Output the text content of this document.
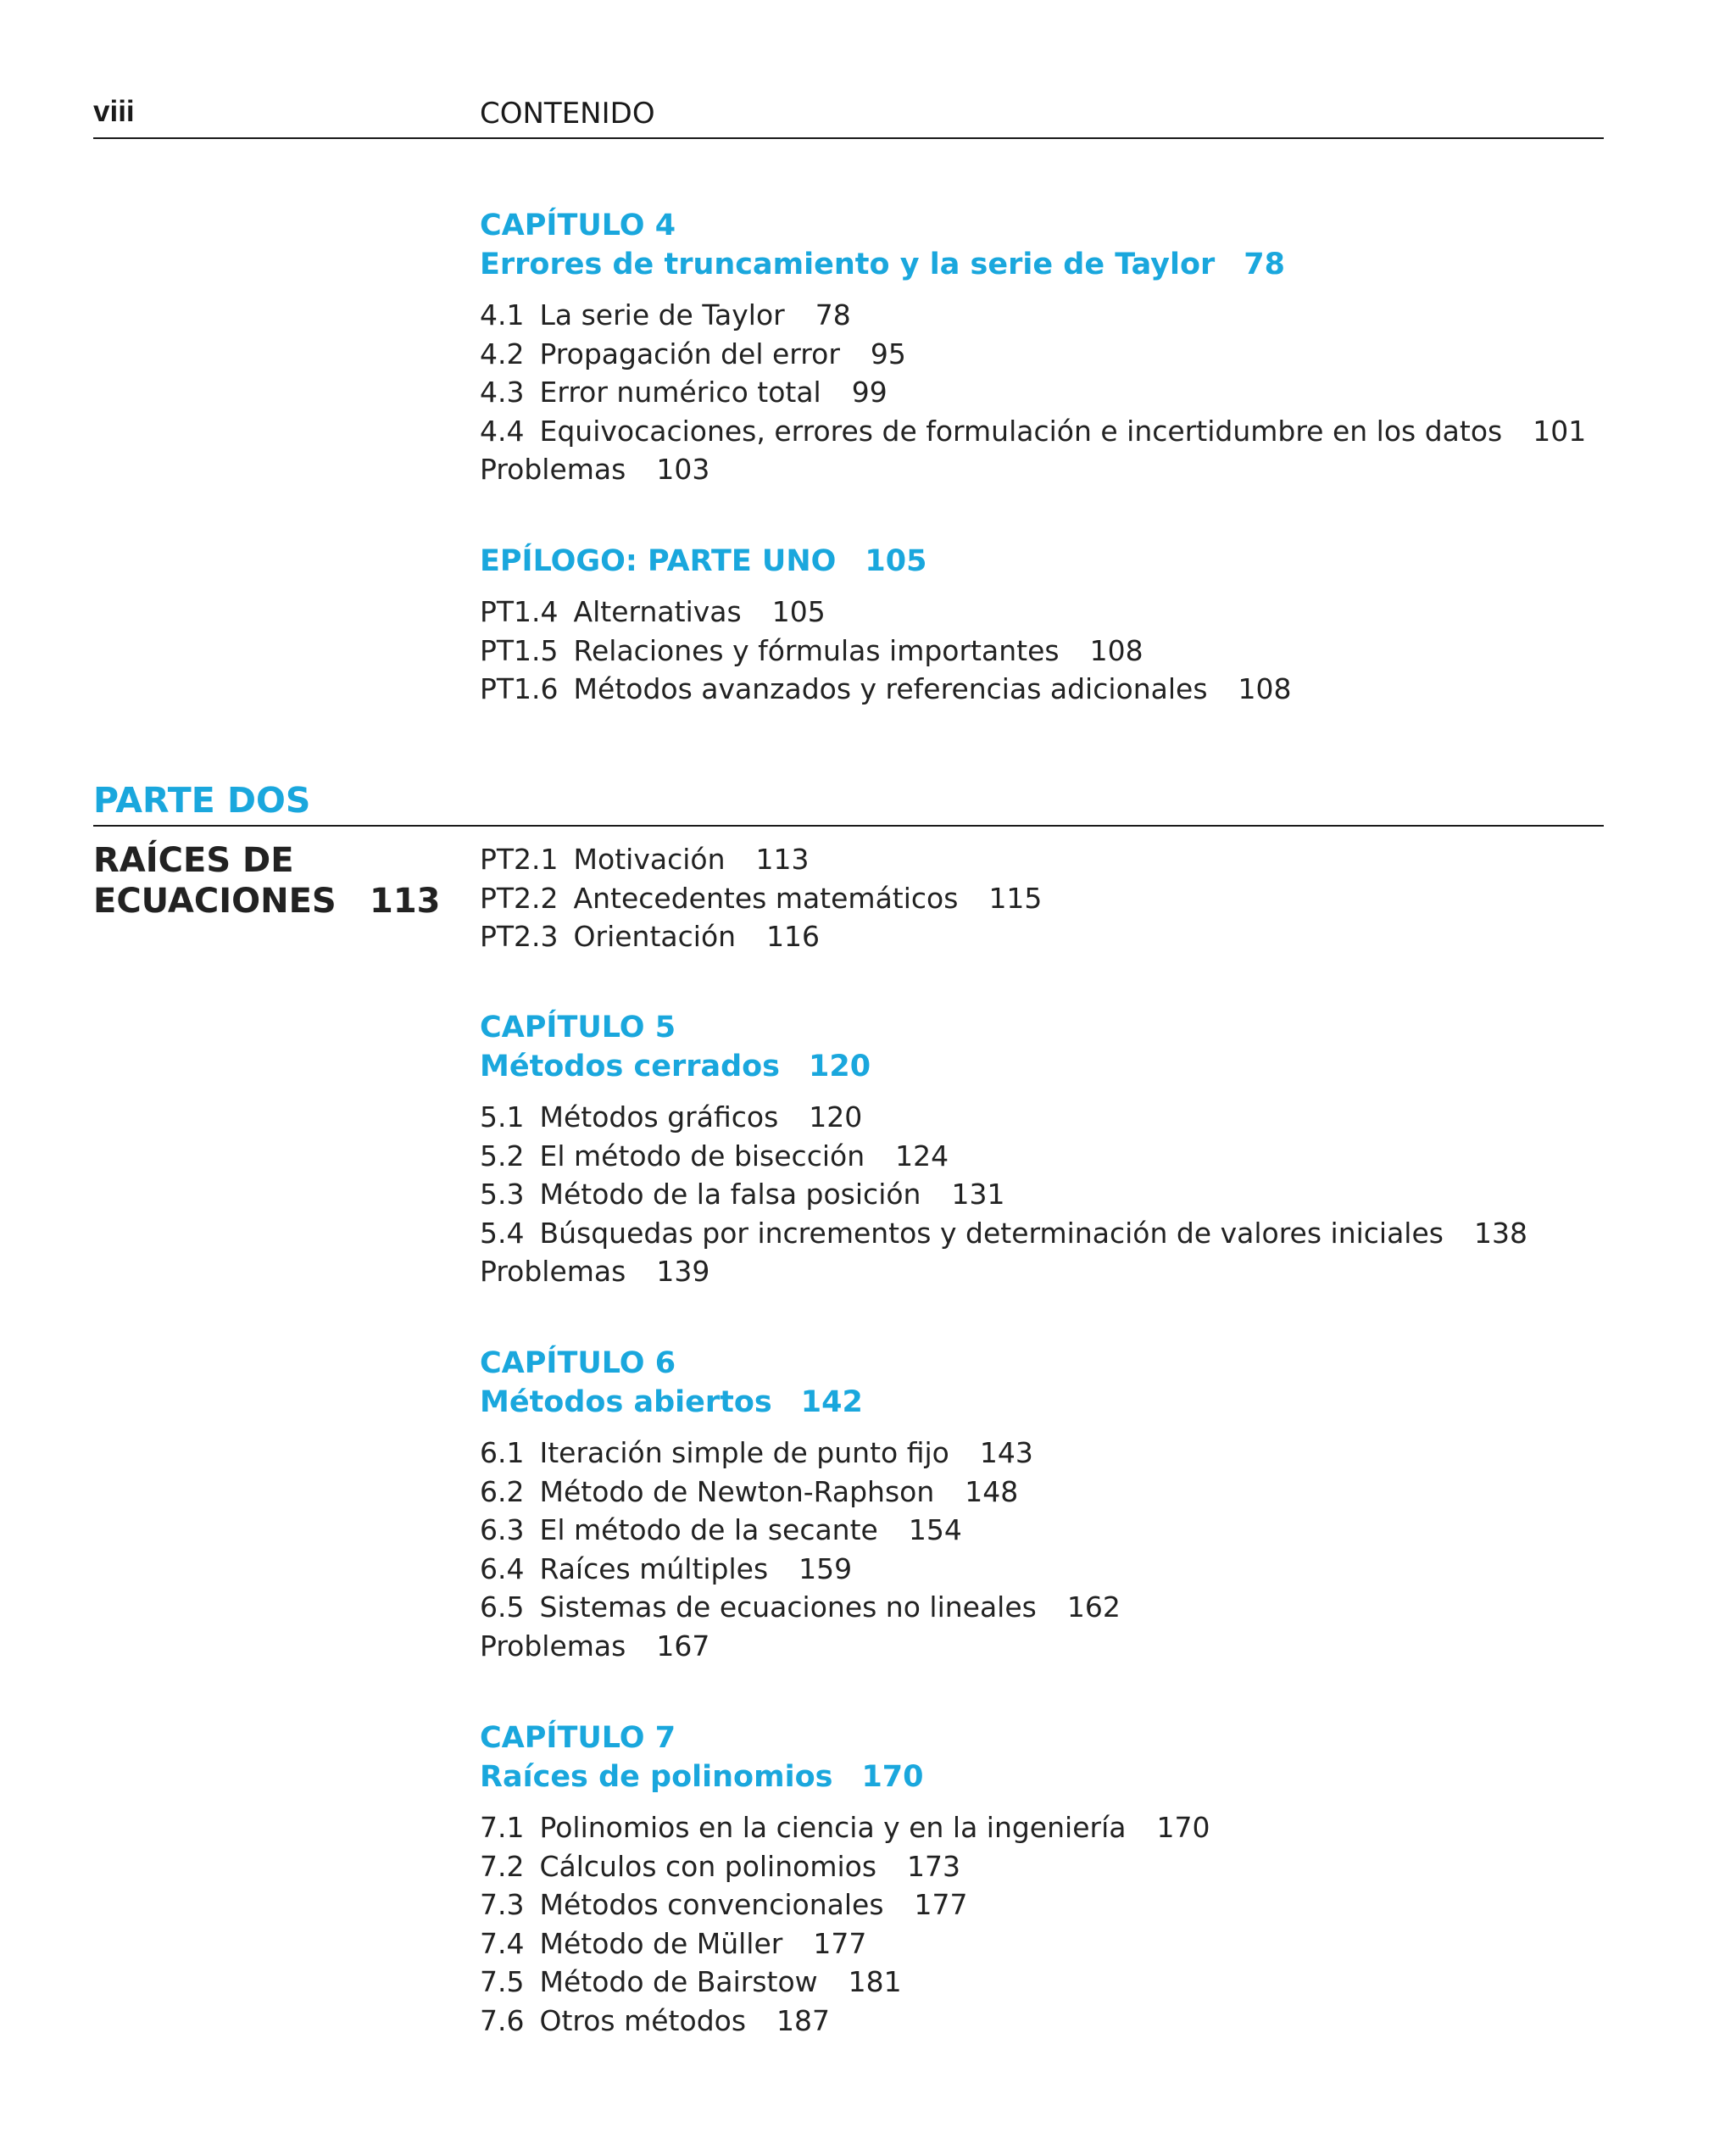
viii	CONTENIDO
CAPÍTULO 4
Errores de truncamiento y la serie de Taylor 78
4.1 La serie de Taylor 78
4.2 Propagación del error 95
4.3 Error numérico total 99
4.4 Equivocaciones, errores de formulación e incertidumbre en los datos 101
Problemas 103
EPÍLOGO: PARTE UNO 105
PT1.4 Alternativas 105
PT1.5 Relaciones y fórmulas importantes 108
PT1.6 Métodos avanzados y referencias adicionales 108
PARTE DOS
RAÍCES DE
ECUACIONES 113
PT2.1 Motivación 113
PT2.2 Antecedentes matemáticos 115
PT2.3 Orientación 116
CAPÍTULO 5
Métodos cerrados 120
5.1 Métodos gráficos 120
5.2 El método de bisección 124
5.3 Método de la falsa posición 131
5.4 Búsquedas por incrementos y determinación de valores iniciales 138
Problemas 139
CAPÍTULO 6
Métodos abiertos 142
6.1 Iteración simple de punto fijo 143
6.2 Método de Newton-Raphson 148
6.3 El método de la secante 154
6.4 Raíces múltiples 159
6.5 Sistemas de ecuaciones no lineales 162
Problemas 167
CAPÍTULO 7
Raíces de polinomios 170
7.1 Polinomios en la ciencia y en la ingeniería 170
7.2 Cálculos con polinomios 173
7.3 Métodos convencionales 177
7.4 Método de Müller 177
7.5 Método de Bairstow 181
7.6 Otros métodos 187
